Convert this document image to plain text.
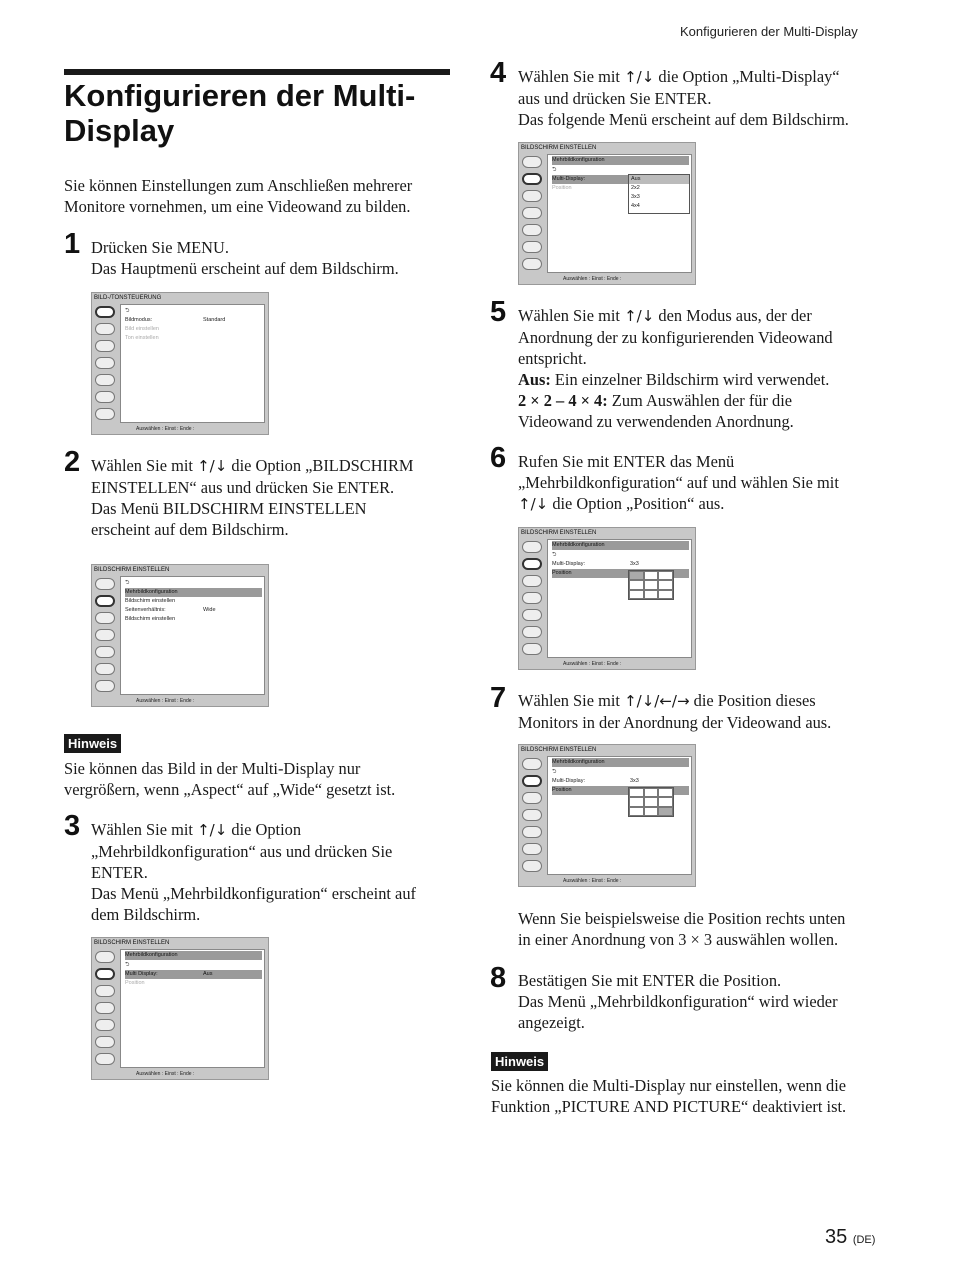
Konfigurieren der Multi-Display
Konfigurieren der Multi-Display
Sie können Einstellungen zum Anschließen mehrerer Monitore vornehmen, um eine Videowand zu bilden.
1 Drücken Sie MENU.
Das Hauptmenü erscheint auf dem Bildschirm.
BILD-/TONSTEUERUNG
⮌
Bildmodus:	Standard
Bild einstellen
Ton einstellen
Auswählen : Einst : Ende :
2 Wählen Sie mit ↑/↓ die Option „BILDSCHIRM
EINSTELLEN“ aus und drücken Sie ENTER.
Das Menü BILDSCHIRM EINSTELLEN
erscheint auf dem Bildschirm.
BILDSCHIRM EINSTELLEN
⮌
Mehrbildkonfiguration
Bildschirm einstellen
Seitenverhältnis:	Wide
Bildschirm einstellen
Auswählen : Einst : Ende :
Hinweis
Sie können das Bild in der Multi-Display nur
vergrößern, wenn „Aspect“ auf „Wide“ gesetzt ist.
3 Wählen Sie mit ↑/↓ die Option
„Mehrbildkonfiguration“ aus und drücken Sie
ENTER.
Das Menü „Mehrbildkonfiguration“ erscheint auf
dem Bildschirm.
BILDSCHIRM EINSTELLEN
Mehrbildkonfiguration
⮌
Multi Display:	Aus
Position
Auswählen : Einst : Ende :
4 Wählen Sie mit ↑/↓ die Option „Multi-Display“
aus und drücken Sie ENTER.
Das folgende Menü erscheint auf dem Bildschirm.
BILDSCHIRM EINSTELLEN
Mehrbildkonfiguration
⮌
Multi-Display:
Position
Aus
2x2
3x3
4x4
Auswählen : Einst : Ende :
5 Wählen Sie mit ↑/↓ den Modus aus, der der
Anordnung der zu konfigurierenden Videowand
entspricht.
Aus: Ein einzelner Bildschirm wird verwendet.
2 × 2 – 4 × 4: Zum Auswählen der für die
Videowand zu verwendenden Anordnung.
6 Rufen Sie mit ENTER das Menü
„Mehrbildkonfiguration“ auf und wählen Sie mit
↑/↓ die Option „Position“ aus.
BILDSCHIRM EINSTELLEN
Mehrbildkonfiguration
⮌
Multi-Display:	3x3
Position
Auswählen : Einst : Ende :
7 Wählen Sie mit ↑/↓/←/→ die Position dieses
Monitors in der Anordnung der Videowand aus.
BILDSCHIRM EINSTELLEN
Mehrbildkonfiguration
⮌
Multi-Display:	3x3
Position
Auswählen : Einst : Ende :
Wenn Sie beispielsweise die Position rechts unten
in einer Anordnung von 3 × 3 auswählen wollen.
8 Bestätigen Sie mit ENTER die Position.
Das Menü „Mehrbildkonfiguration“ wird wieder
angezeigt.
Hinweis
Sie können die Multi-Display nur einstellen, wenn die
Funktion „PICTURE AND PICTURE“ deaktiviert ist.
35 (DE)
